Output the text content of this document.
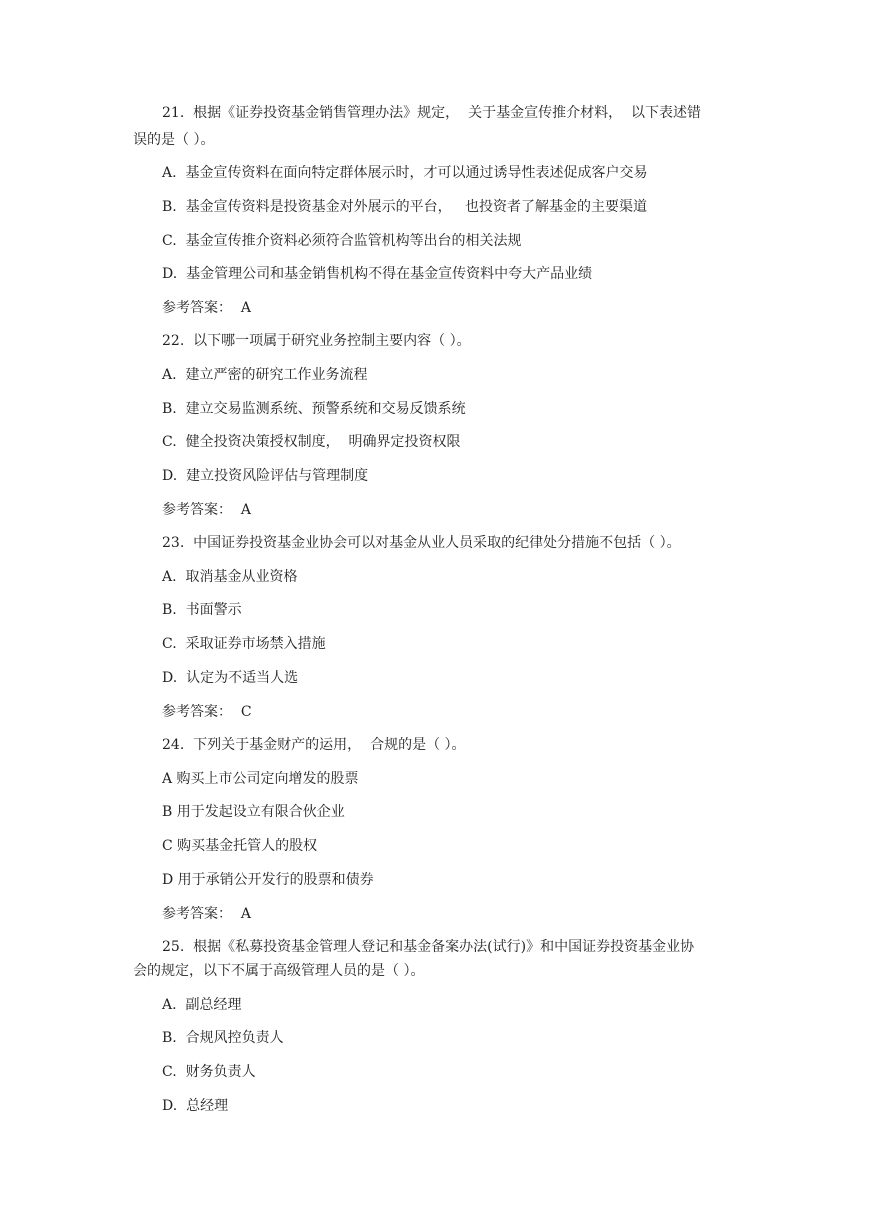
21.  根据《证券投资基金销售管理办法》规定，  关于基金宣传推介材料，  以下表述错
误的是（ ）。
A.  基金宣传资料在面向特定群体展示时，才可以通过诱导性表述促成客户交易
B.  基金宣传资料是投资基金对外展示的平台，   也投资者了解基金的主要渠道
C.  基金宣传推介资料必须符合监管机构等出台的相关法规
D.  基金管理公司和基金销售机构不得在基金宣传资料中夸大产品业绩
参考答案：  A
22.  以下哪一项属于研究业务控制主要内容（ ）。
A.  建立严密的研究工作业务流程
B.  建立交易监测系统、预警系统和交易反馈系统
C.  健全投资决策授权制度，  明确界定投资权限
D.  建立投资风险评估与管理制度
参考答案：  A
23.  中国证券投资基金业协会可以对基金从业人员采取的纪律处分措施不包括（ ）。
A.  取消基金从业资格
B.  书面警示
C.  采取证券市场禁入措施
D.  认定为不适当人选
参考答案：  C
24.  下列关于基金财产的运用，  合规的是（ ）。
A 购买上市公司定向增发的股票
B 用于发起设立有限合伙企业
C 购买基金托管人的股权
D 用于承销公开发行的股票和债券
参考答案：  A
25.  根据《私募投资基金管理人登记和基金备案办法(试行)》和中国证券投资基金业协
会的规定，以下不属于高级管理人员的是（ ）。
A.  副总经理
B.  合规风控负责人
C.  财务负责人
D.  总经理
